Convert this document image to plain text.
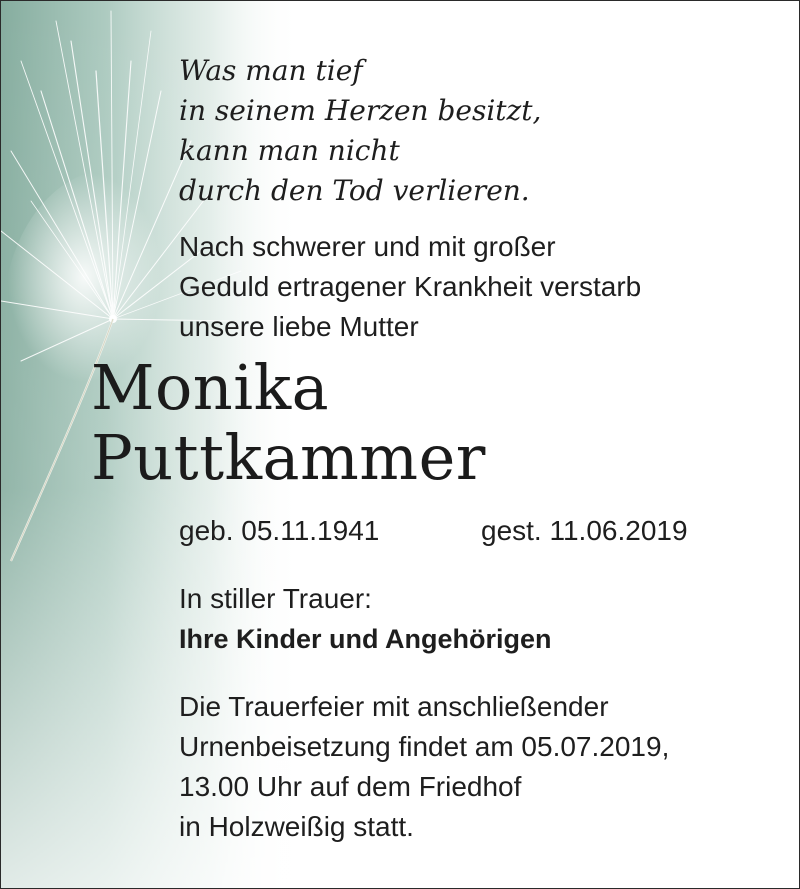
Was man tief
in seinem Herzen besitzt,
kann man nicht
durch den Tod verlieren.

Nach schwerer und mit großer
Geduld ertragener Krankheit verstarb
unsere liebe Mutter

Monika
Puttkammer
geb. 05.11.1941	gest. 11.06.2019
In stiller Trauer:
Ihre Kinder und Angehörigen

Die Trauerfeier mit anschließender
Urnenbeisetzung findet am 05.07.2019,
13.00 Uhr auf dem Friedhof
in Holzweißig statt.
